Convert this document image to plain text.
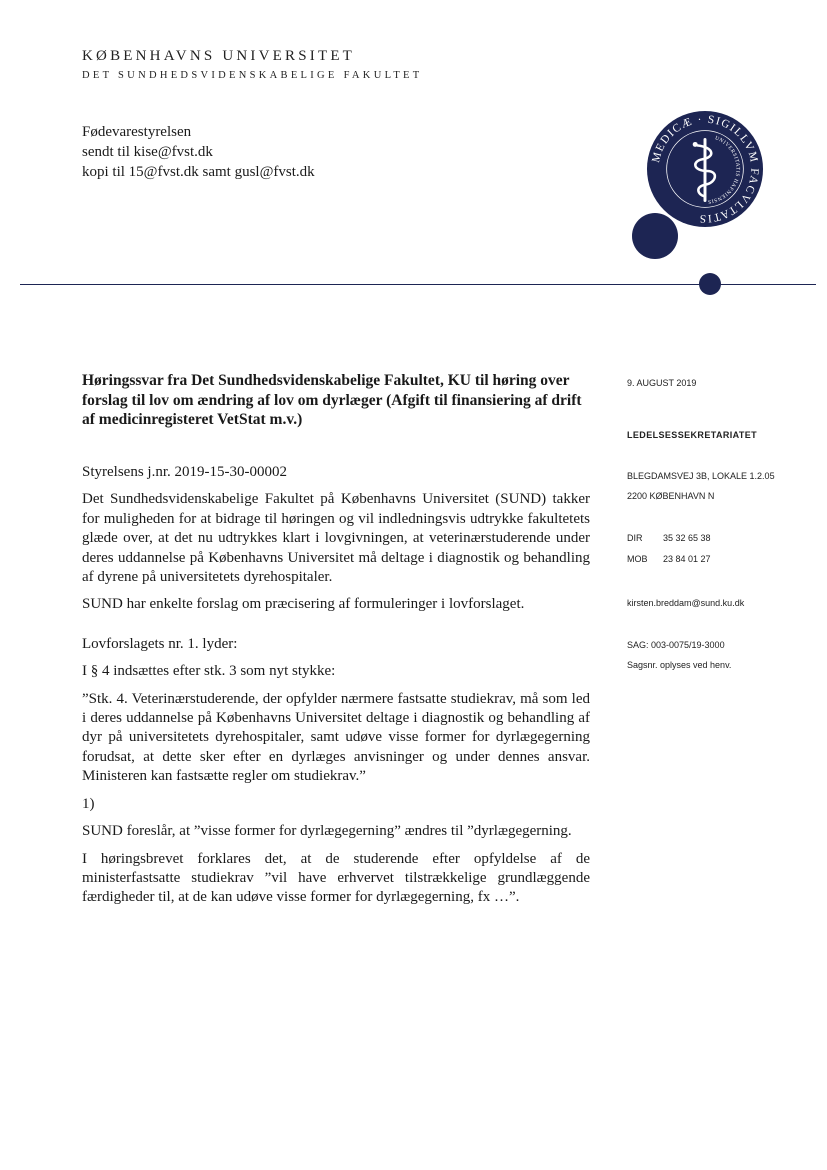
KØBENHAVNS UNIVERSITET
DET SUNDHEDSVIDENSKABELIGE FAKULTET
Fødevarestyrelsen
sendt til kise@fvst.dk
kopi til 15@fvst.dk samt gusl@fvst.dk
MEDICÆ · SIGILLVM FACVLTATIS
UNIVERSITATIS HAFNIENSIS
Høringssvar fra Det Sundhedsvidenskabelige Fakultet, KU til høring over forslag til lov om ændring af lov om dyrlæger (Afgift til finansiering af drift af medicinregisteret VetStat m.v.)

Styrelsens j.nr. 2019-15-30-00002

Det Sundhedsvidenskabelige Fakultet på Københavns Universitet (SUND) takker for muligheden for at bidrage til høringen og vil indledningsvis udtrykke fakultetets glæde over, at det nu udtrykkes klart i lovgivningen, at veterinærstuderende under deres uddannelse på Københavns Universitet må deltage i diagnostik og behandling af dyrene på universitetets dyrehospitaler.

SUND har enkelte forslag om præcisering af formuleringer i lovforslaget.

Lovforslagets nr. 1. lyder:

I § 4 indsættes efter stk. 3 som nyt stykke:

”Stk. 4. Veterinærstuderende, der opfylder nærmere fastsatte studiekrav, må som led i deres uddannelse på Københavns Universitet deltage i diagnostik og behandling af dyr på universitetets dyrehospitaler, samt udøve visse former for dyrlægegerning forudsat, at dette sker efter en dyrlæges anvisninger og under dennes ansvar. Ministeren kan fastsætte regler om studiekrav.”

1)

SUND foreslår, at ”visse former for dyrlægegerning” ændres til ”dyrlægegerning.

I høringsbrevet forklares det, at de studerende efter opfyldelse af de ministerfastsatte studiekrav ”vil have erhvervet tilstrækkelige grundlæggende færdigheder til, at de kan udøve visse former for dyrlægegerning, fx …”.

9. AUGUST 2019
LEDELSESSEKRETARIATET
BLEGDAMSVEJ 3B, LOKALE 1.2.05
2200 KØBENHAVN N
DIR 35 32 65 38
MOB 23 84 01 27
kirsten.breddam@sund.ku.dk
SAG: 003-0075/19-3000
Sagsnr. oplyses ved henv.
